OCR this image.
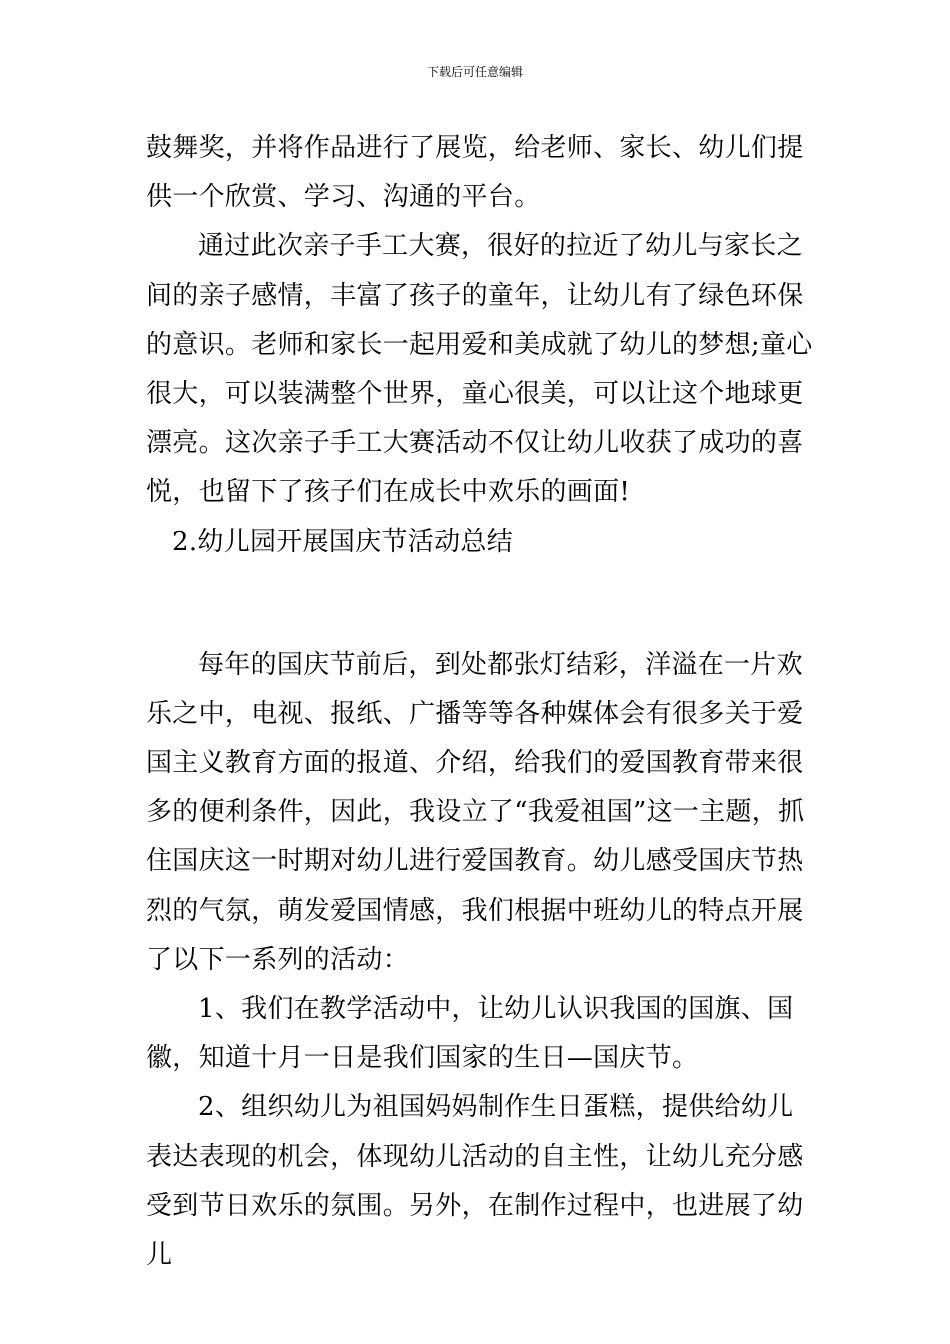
下载后可任意编辑

鼓舞奖，并将作品进行了展览，给老师、家长、幼儿们提供一个欣赏、学习、沟通的平台。

通过此次亲子手工大赛，很好的拉近了幼儿与家长之间的亲子感情，丰富了孩子的童年，让幼儿有了绿色环保的意识。老师和家长一起用爱和美成就了幼儿的梦想;童心很大，可以装满整个世界，童心很美，可以让这个地球更漂亮。这次亲子手工大赛活动不仅让幼儿收获了成功的喜悦，也留下了孩子们在成长中欢乐的画面!

2.幼儿园开展国庆节活动总结

每年的国庆节前后，到处都张灯结彩，洋溢在一片欢乐之中，电视、报纸、广播等等各种媒体会有很多关于爱国主义教育方面的报道、介绍，给我们的爱国教育带来很多的便利条件，因此，我设立了“我爱祖国”这一主题，抓住国庆这一时期对幼儿进行爱国教育。幼儿感受国庆节热烈的气氛，萌发爱国情感，我们根据中班幼儿的特点开展了以下一系列的活动：

1、我们在教学活动中，让幼儿认识我国的国旗、国徽，知道十月一日是我们国家的生日—国庆节。

2、组织幼儿为祖国妈妈制作生日蛋糕，提供给幼儿表达表现的机会，体现幼儿活动的自主性，让幼儿充分感受到节日欢乐的氛围。另外，在制作过程中，也进展了幼儿
